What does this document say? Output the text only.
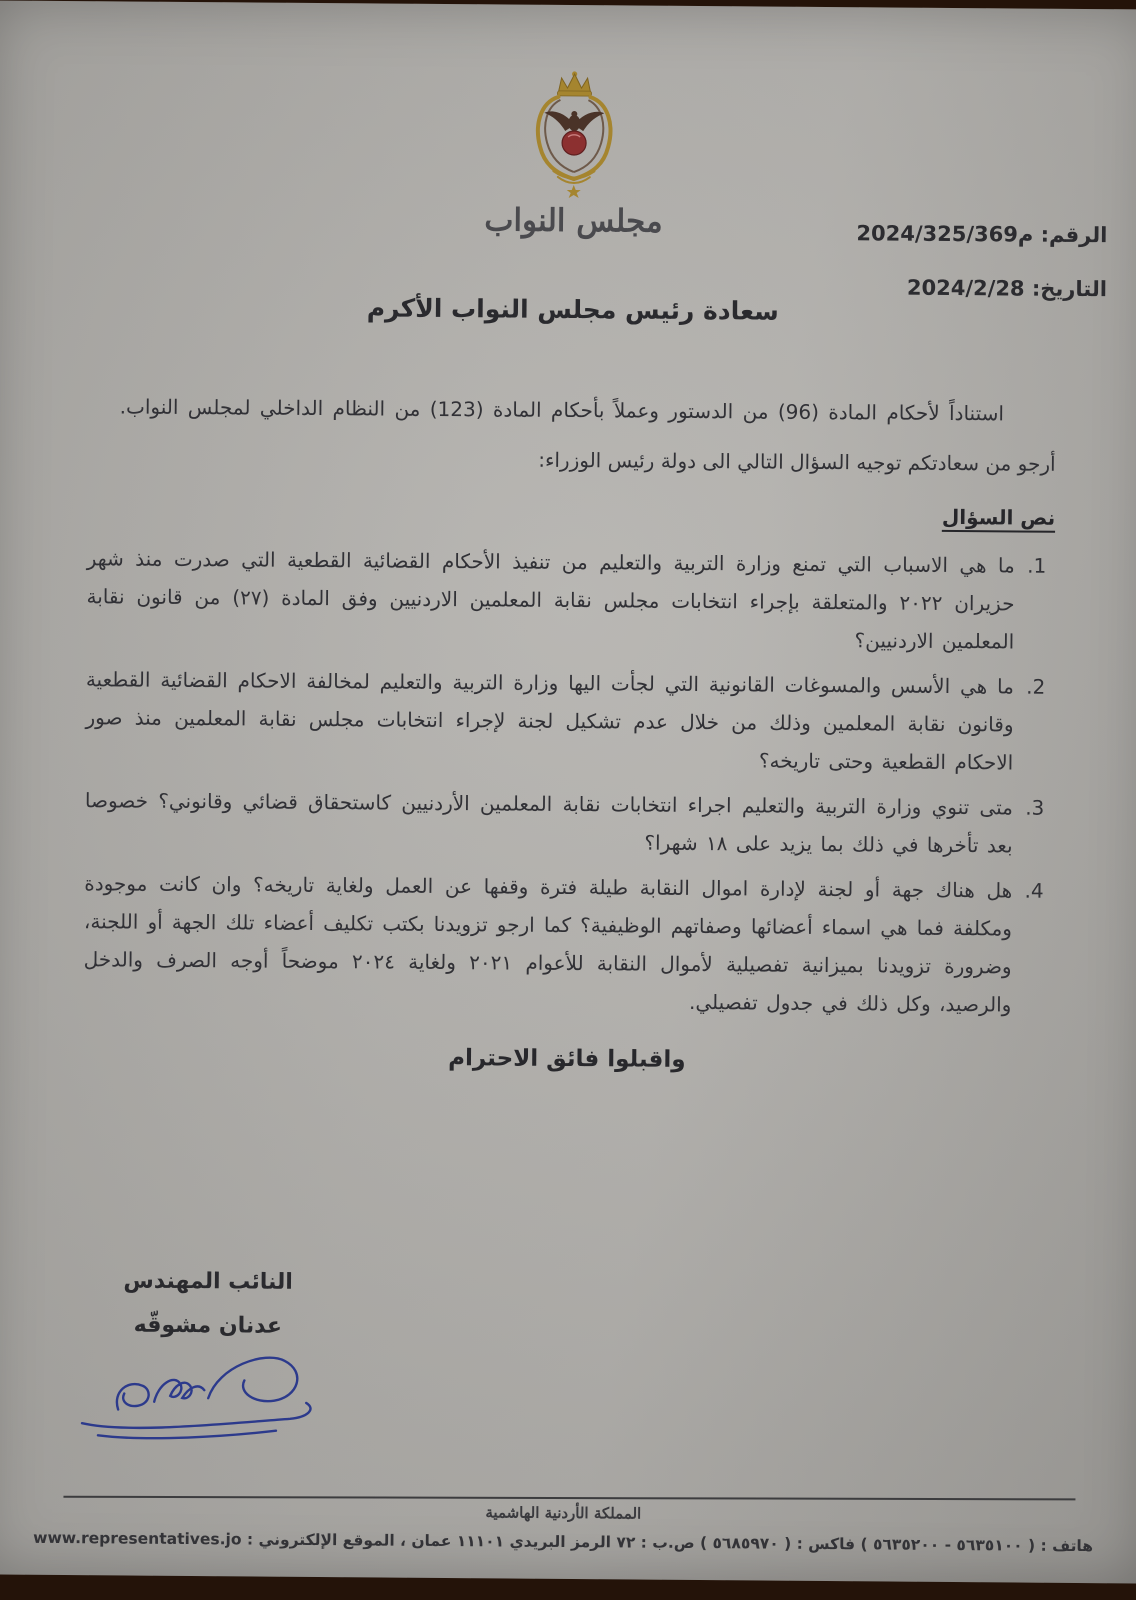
مجلس النواب	الرقم: م2024/325/369
التاريخ: 2024/2/28
سعادة رئيس مجلس النواب الأكرم

استناداً لأحكام المادة (96) من الدستور وعملاً بأحكام المادة (123) من النظام الداخلي لمجلس النواب.

أرجو من سعادتكم توجيه السؤال التالي الى دولة رئيس الوزراء:

نص السؤال
1. ما هي الاسباب التي تمنع وزارة التربية والتعليم من تنفيذ الأحكام القضائية القطعية التي صدرت منذ شهر حزيران ٢٠٢٢ والمتعلقة بإجراء انتخابات مجلس نقابة المعلمين الاردنيين وفق المادة (٢٧) من قانون نقابة المعلمين الاردنيين؟
2. ما هي الأسس والمسوغات القانونية التي لجأت اليها وزارة التربية والتعليم لمخالفة الاحكام القضائية القطعية وقانون نقابة المعلمين وذلك من خلال عدم تشكيل لجنة لإجراء انتخابات مجلس نقابة المعلمين منذ صور الاحكام القطعية وحتى تاريخه؟
3. متى تنوي وزارة التربية والتعليم اجراء انتخابات نقابة المعلمين الأردنيين كاستحقاق قضائي وقانوني؟ خصوصا بعد تأخرها في ذلك بما يزيد على ١٨ شهرا؟
4. هل هناك جهة أو لجنة لإدارة اموال النقابة طيلة فترة وقفها عن العمل ولغاية تاريخه؟ وان كانت موجودة ومكلفة فما هي اسماء أعضائها وصفاتهم الوظيفية؟ كما ارجو تزويدنا بكتب تكليف أعضاء تلك الجهة أو اللجنة، وضرورة تزويدنا بميزانية تفصيلية لأموال النقابة للأعوام ٢٠٢١ ولغاية ٢٠٢٤ موضحاً أوجه الصرف والدخل والرصيد، وكل ذلك في جدول تفصيلي.

واقبلوا فائق الاحترام

النائب المهندس
عدنان مشوقّه
المملكة الأردنية الهاشمية
هاتف : ( ٥٦٣٥١٠٠ - ٥٦٣٥٢٠٠ ) فاكس : ( ٥٦٨٥٩٧٠ ) ص.ب : ٧٢ الرمز البريدي ١١١٠١ عمان ، الموقع الإلكتروني : www.representatives.jo
